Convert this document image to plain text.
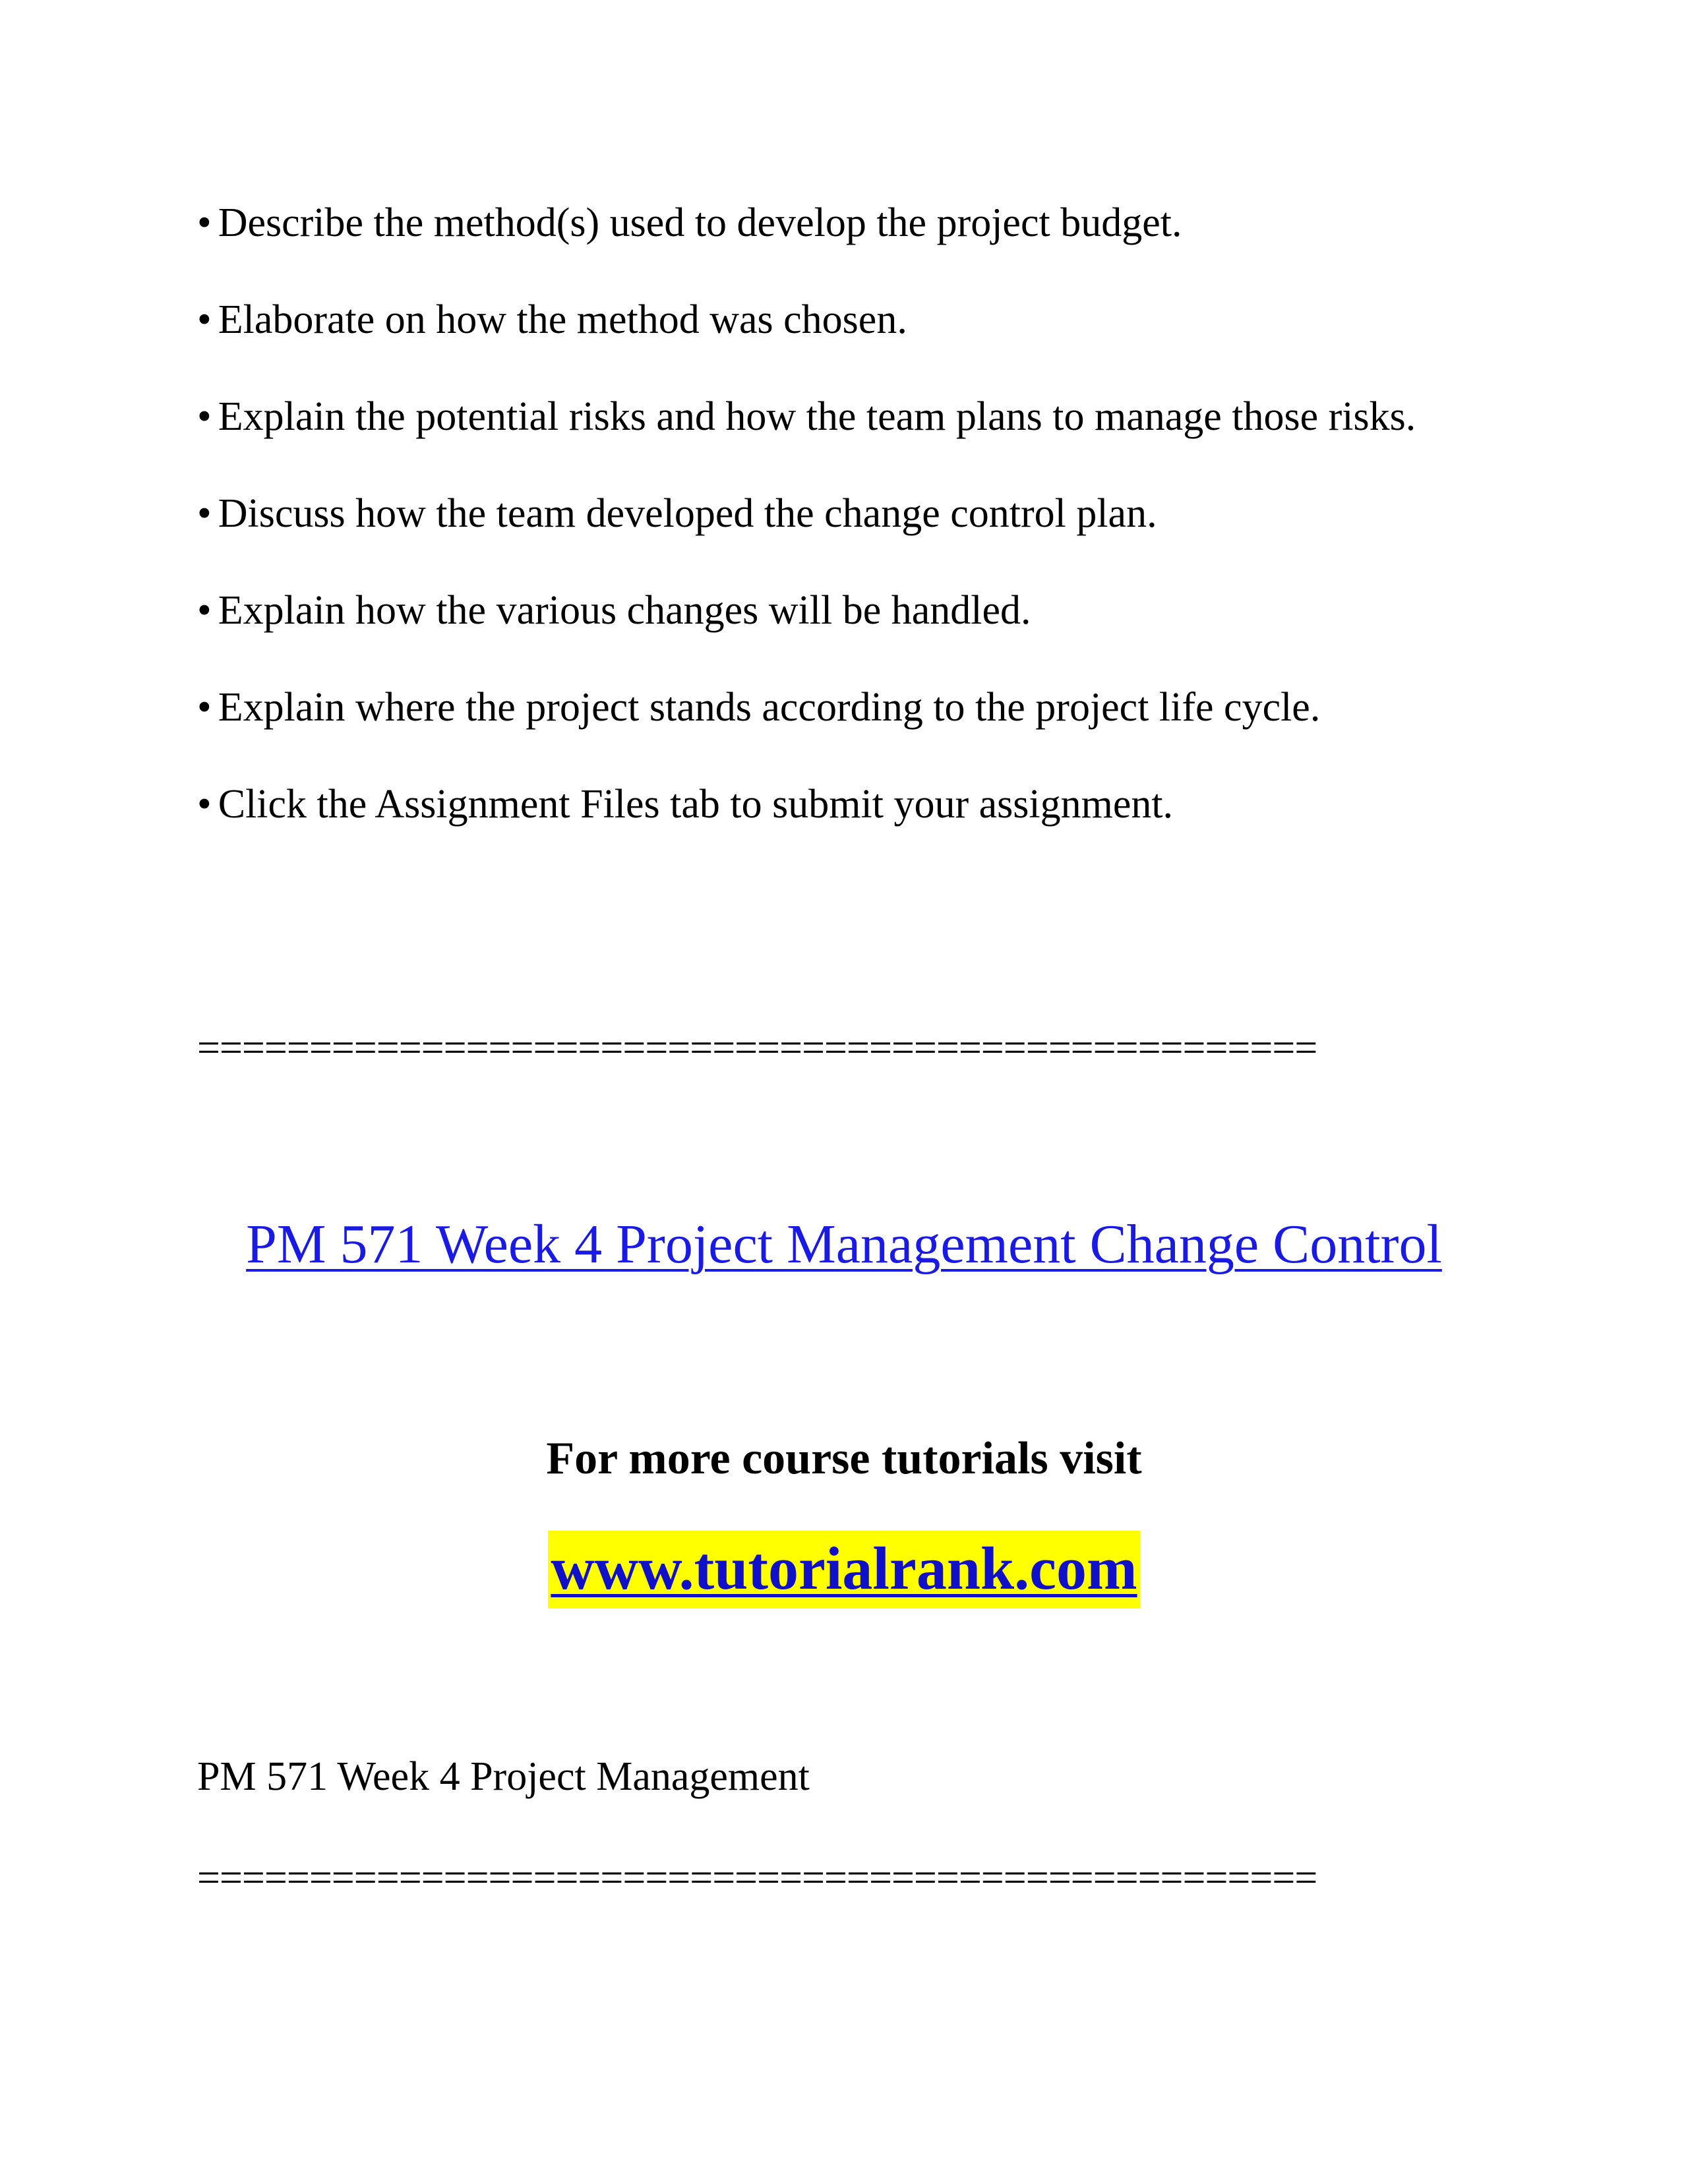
• Describe the method(s) used to develop the project budget.
• Elaborate on how the method was chosen.
• Explain the potential risks and how the team plans to manage those risks.
• Discuss how the team developed the change control plan.
• Explain how the various changes will be handled.
• Explain where the project stands according to the project life cycle.
• Click the Assignment Files tab to submit your assignment.
==================================================
PM 571 Week 4 Project Management Change Control
For more course tutorials visit
www.tutorialrank.com
PM 571 Week 4 Project Management
==================================================
